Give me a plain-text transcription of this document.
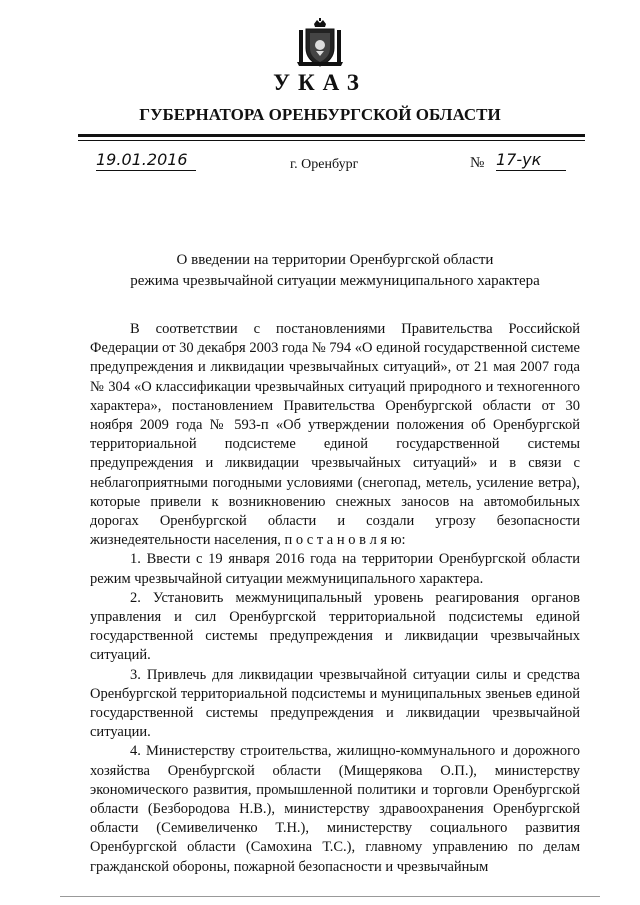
УКАЗ
ГУБЕРНАТОРА ОРЕНБУРГСКОЙ ОБЛАСТИ
19.01.2016	г. Оренбург	№ 17-ук
О введении на территории Оренбургской области
режима чрезвычайной ситуации межмуниципального характера

В соответствии с постановлениями Правительства Российской Федерации от 30 декабря 2003 года № 794 «О единой государственной системе предупреждения и ликвидации чрезвычайных ситуаций», от 21 мая 2007 года № 304 «О классификации чрезвычайных ситуаций природного и техногенного характера», постановлением Правительства Оренбургской области от 30 ноября 2009 года № 593-п «Об утверждении положения об Оренбургской территориальной подсистеме единой государственной системы предупреждения и ликвидации чрезвычайных ситуаций» и в связи с неблагоприятными погодными условиями (снегопад, метель, усиление ветра), которые привели к возникновению снежных заносов на автомобильных дорогах Оренбургской области и создали угрозу безопасности жизнедеятельности населения, п о с т а н о в л я ю:

1. Ввести с 19 января 2016 года на территории Оренбургской области режим чрезвычайной ситуации межмуниципального характера.

2. Установить межмуниципальный уровень реагирования органов управления и сил Оренбургской территориальной подсистемы единой государственной системы предупреждения и ликвидации чрезвычайных ситуаций.

3. Привлечь для ликвидации чрезвычайной ситуации силы и средства Оренбургской территориальной подсистемы и муниципальных звеньев единой государственной системы предупреждения и ликвидации чрезвычайной ситуации.

4. Министерству строительства, жилищно-коммунального и дорожного хозяйства Оренбургской области (Мищерякова О.П.), министерству экономического развития, промышленной политики и торговли Оренбургской области (Безбородова Н.В.), министерству здравоохранения Оренбургской области (Семивеличенко Т.Н.), министерству социального развития Оренбургской области (Самохина Т.С.), главному управлению по делам гражданской обороны, пожарной безопасности и чрезвычайным
